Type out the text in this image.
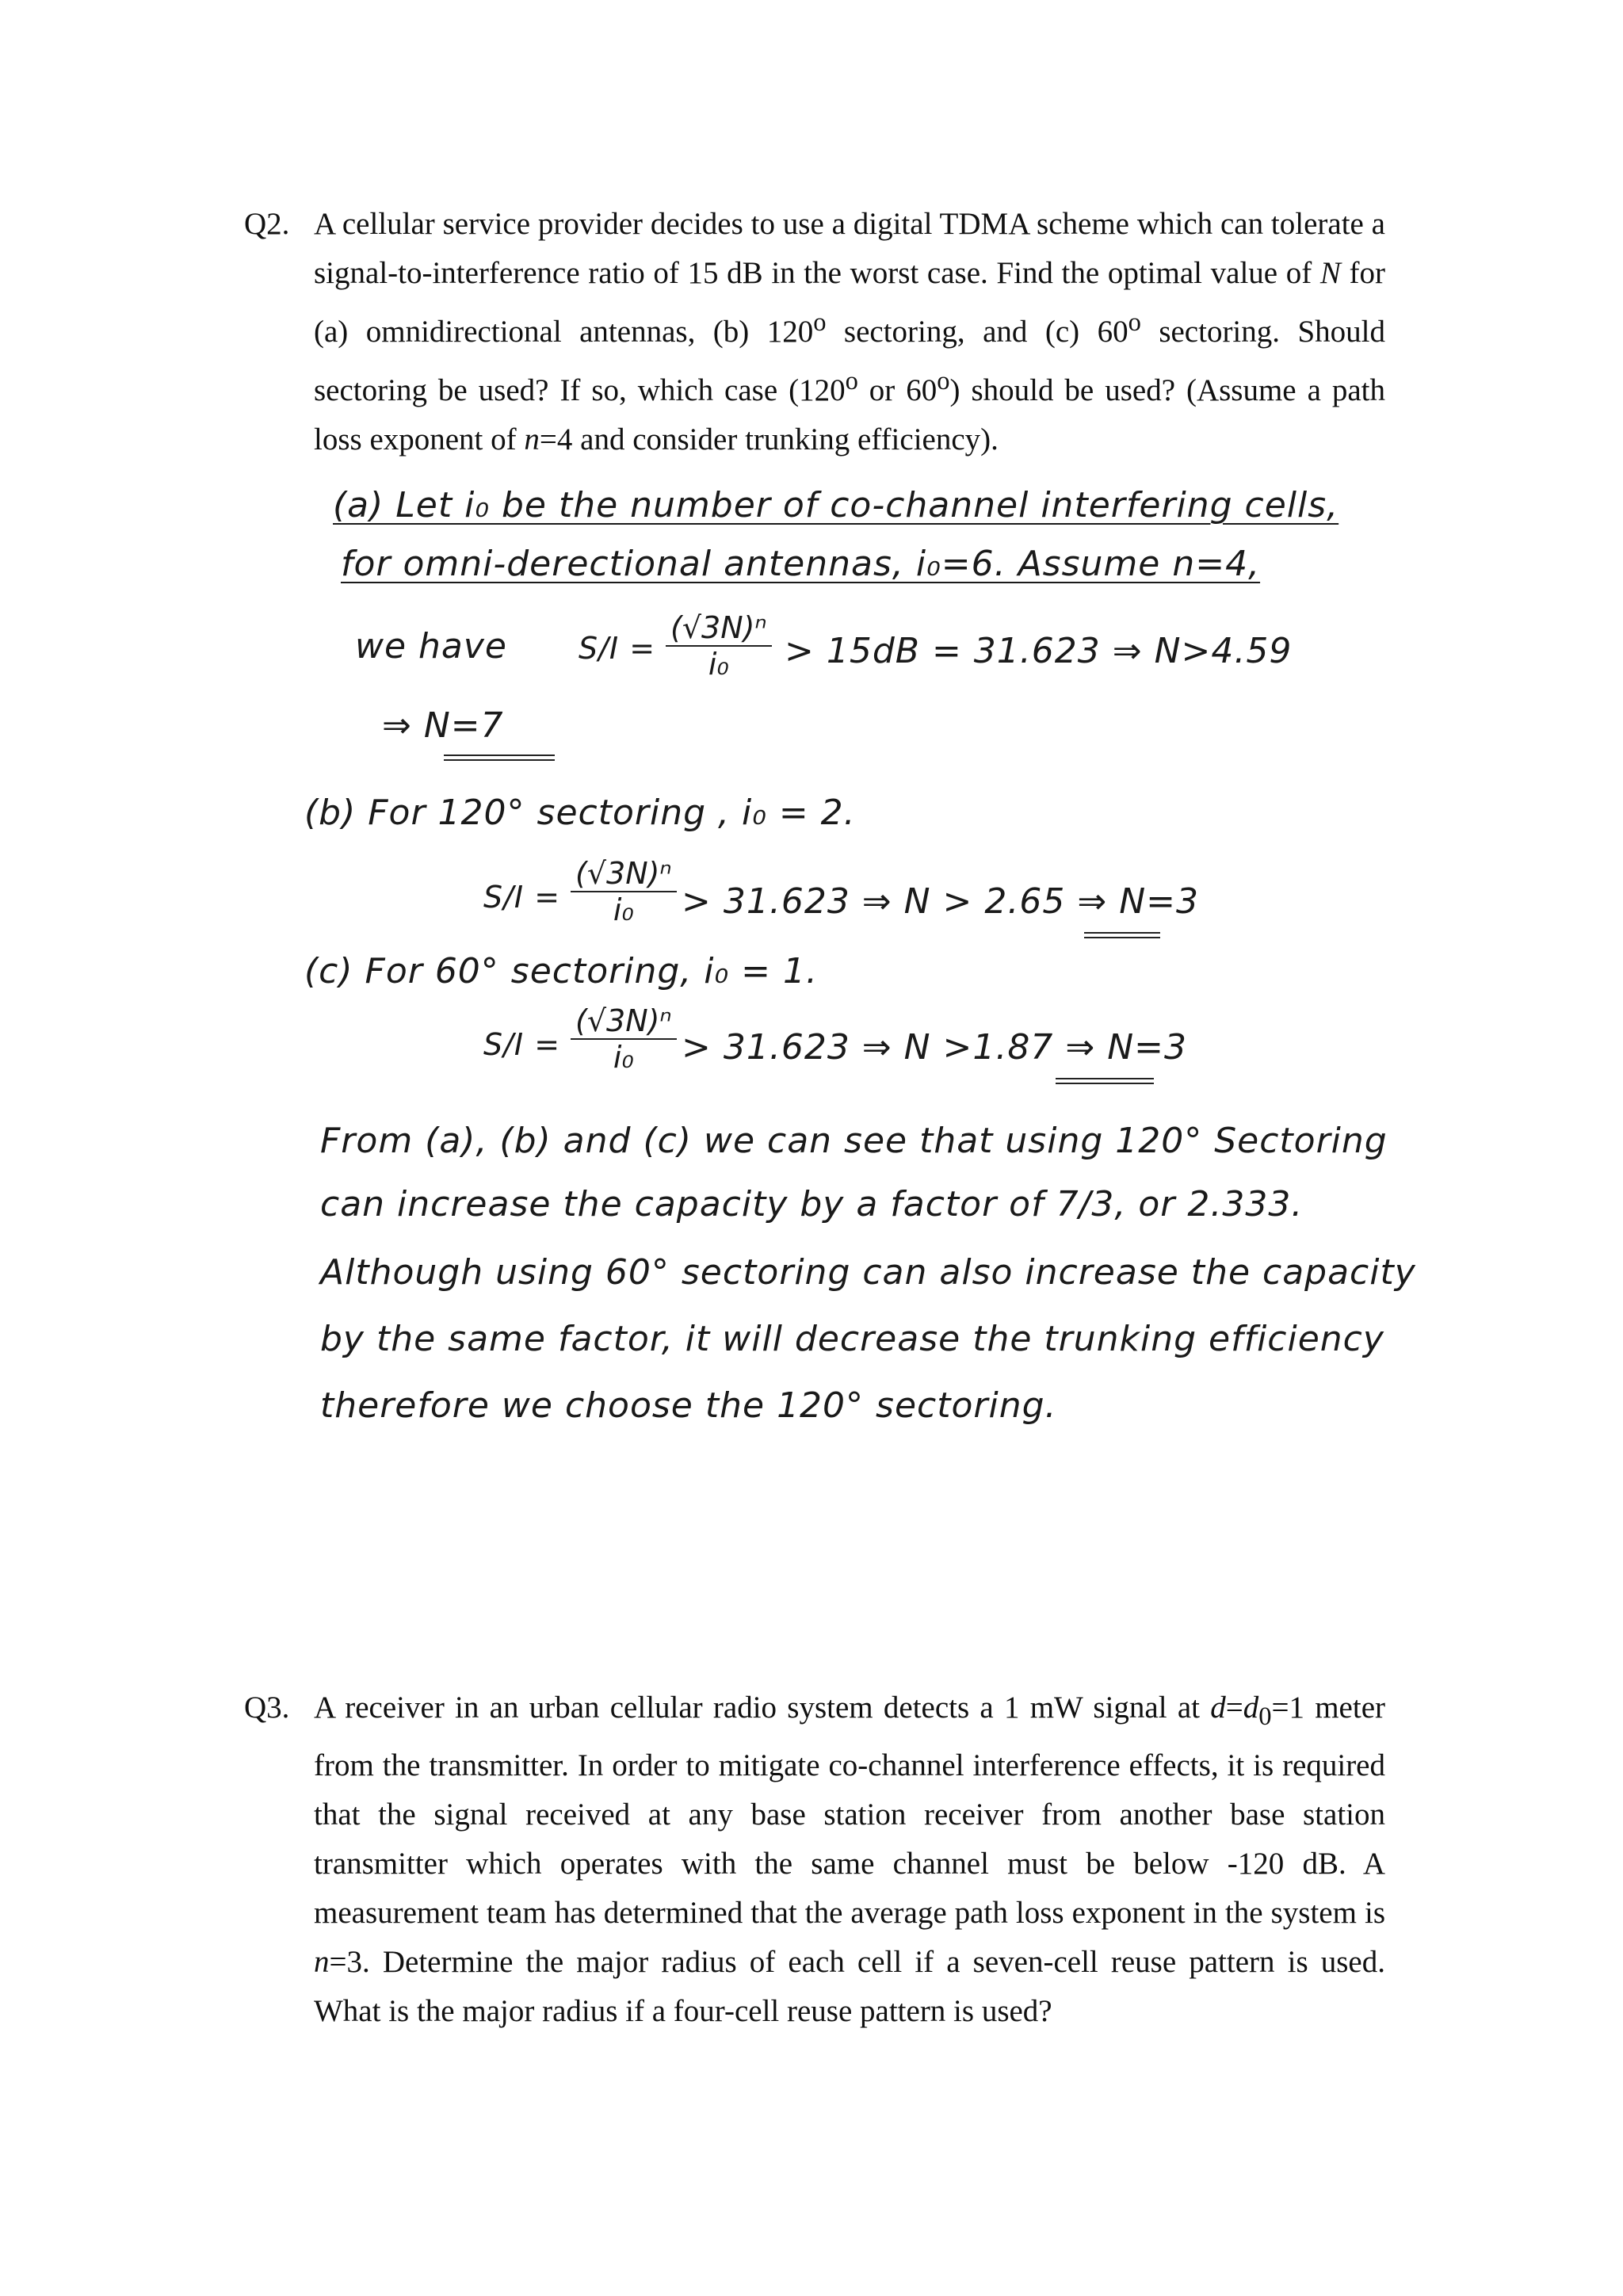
Q2. A cellular service provider decides to use a digital TDMA scheme which can tolerate a signal-to-interference ratio of 15 dB in the worst case. Find the optimal value of N for (a) omnidirectional antennas, (b) 120$^o$ sectoring, and (c) 60$^o$ sectoring. Should sectoring be used? If so, which case (120$^o$ or 60$^o$) should be used? (Assume a path loss exponent of n=4 and consider trunking efficiency).
(a) Let i₀ be the number of co-channel interfering cells,
for omni-derectional antennas, i₀=6. Assume n=4,
we have $S/I = \frac{\text{(√3N)ⁿ}}{\text{i₀}} > 15dB = 31.623$ ⇒ N>4.59
⇒ N=7
(b) For 120° sectoring , i₀ = 2.
$S/I = \frac{\text{(√3N)ⁿ}}{\text{i₀}} > 31.623$ ⇒ N > 2.65 ⇒ N=3
(c) For 60° sectoring, i₀ = 1.
$S/I = \frac{\text{(√3N)ⁿ}}{\text{i₀}} > 31.623$ ⇒ N >1.87 ⇒ N=3
From (a), (b) and (c) we can see that using 120° Sectoring
can increase the capacity by a factor of 7/3, or 2.333.
Although using 60° sectoring can also increase the capacity
by the same factor, it will decrease the trunking efficiency
therefore we choose the 120° sectoring.
Q3. A receiver in an urban cellular radio system detects a 1 mW signal at $d=d_0=1$ meter from the transmitter. In order to mitigate co-channel interference effects, it is required that the signal received at any base station receiver from another base station transmitter which operates with the same channel must be below -120 dB. A measurement team has determined that the average path loss exponent in the system is n=3. Determine the major radius of each cell if a seven-cell reuse pattern is used. What is the major radius if a four-cell reuse pattern is used?
